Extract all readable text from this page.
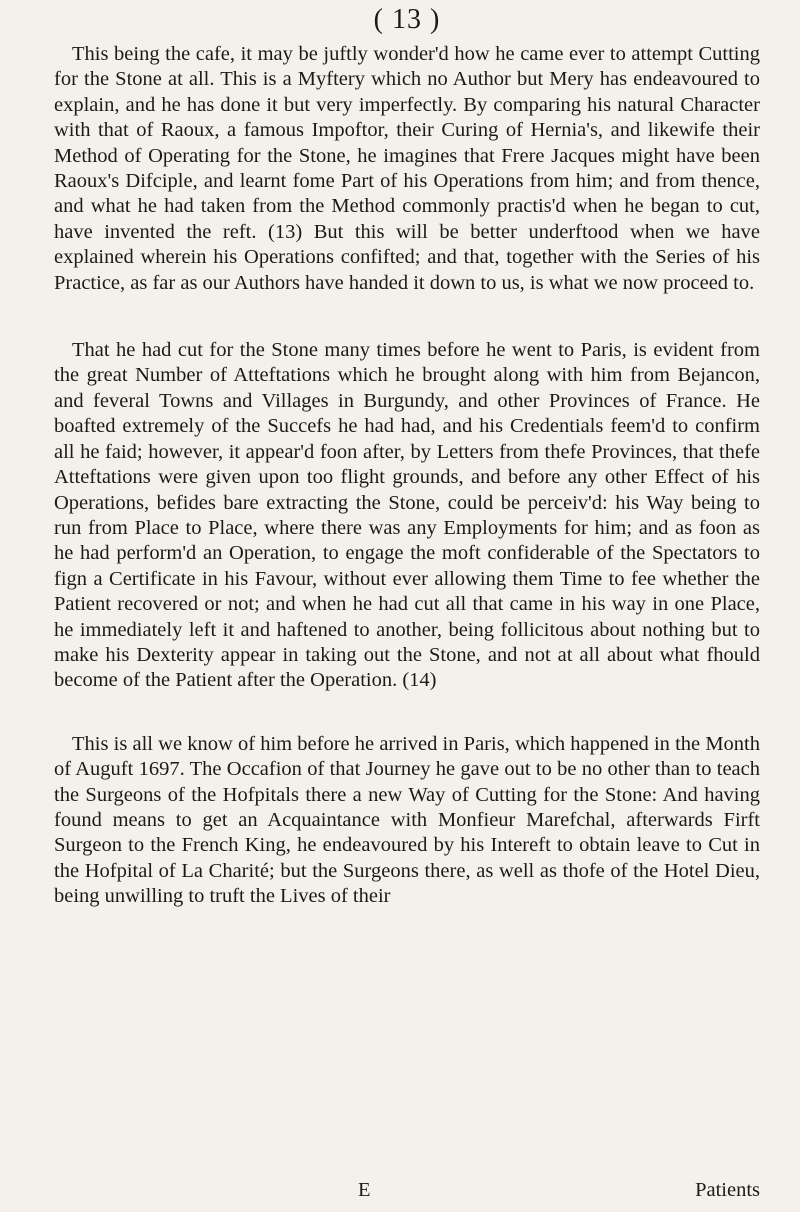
( 13 )

This being the cafe, it may be juftly wonder'd how he came ever to attempt Cutting for the Stone at all. This is a Myftery which no Author but Mery has endeavoured to explain, and he has done it but very imperfectly. By comparing his natural Character with that of Raoux, a famous Impoftor, their Curing of Hernia's, and likewife their Method of Operating for the Stone, he imagines that Frere Jacques might have been Raoux's Difciple, and learnt fome Part of his Operations from him; and from thence, and what he had taken from the Method commonly practis'd when he began to cut, have invented the reft. (13) But this will be better underftood when we have explained wherein his Operations confifted; and that, together with the Series of his Practice, as far as our Authors have handed it down to us, is what we now proceed to.

That he had cut for the Stone many times before he went to Paris, is evident from the great Number of Atteftations which he brought along with him from Bejancon, and feveral Towns and Villages in Burgundy, and other Provinces of France. He boafted extremely of the Succefs he had had, and his Credentials feem'd to confirm all he faid; however, it appear'd foon after, by Letters from thefe Provinces, that thefe Atteftations were given upon too flight grounds, and before any other Effect of his Operations, befides bare extracting the Stone, could be perceiv'd: his Way being to run from Place to Place, where there was any Employments for him; and as foon as he had perform'd an Operation, to engage the moft confiderable of the Spectators to fign a Certificate in his Favour, without ever allowing them Time to fee whether the Patient recovered or not; and when he had cut all that came in his way in one Place, he immediately left it and haftened to another, being follicitous about nothing but to make his Dexterity appear in taking out the Stone, and not at all about what fhould become of the Patient after the Operation. (14)

This is all we know of him before he arrived in Paris, which happened in the Month of Auguft 1697. The Occafion of that Journey he gave out to be no other than to teach the Surgeons of the Hofpitals there a new Way of Cutting for the Stone: And having found means to get an Acquaintance with Monfieur Marefchal, afterwards Firft Surgeon to the French King, he endeavoured by his Intereft to obtain leave to Cut in the Hofpital of La Charité; but the Surgeons there, as well as thofe of the Hotel Dieu, being unwilling to truft the Lives of their

E	Patients
